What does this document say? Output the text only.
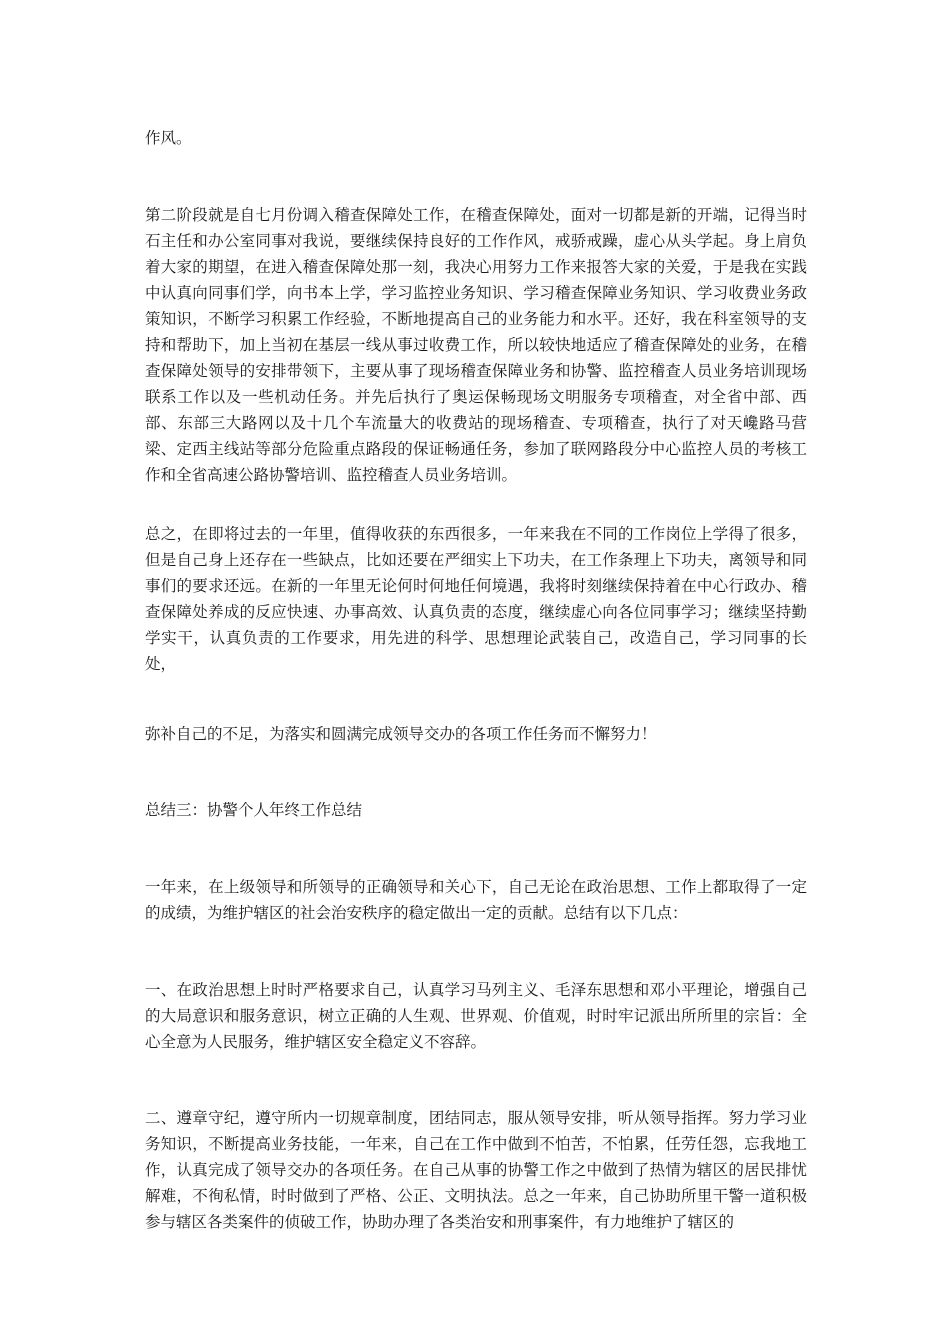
作风。

第二阶段就是自七月份调入稽查保障处工作，在稽查保障处，面对一切都是新的开端，记得当时石主任和办公室同事对我说，要继续保持良好的工作作风，戒骄戒躁，虚心从头学起。身上肩负着大家的期望，在进入稽查保障处那一刻，我决心用努力工作来报答大家的关爱，于是我在实践中认真向同事们学，向书本上学，学习监控业务知识、学习稽查保障业务知识、学习收费业务政策知识，不断学习积累工作经验，不断地提高自己的业务能力和水平。还好，我在科室领导的支持和帮助下，加上当初在基层一线从事过收费工作，所以较快地适应了稽查保障处的业务，在稽查保障处领导的安排带领下，主要从事了现场稽查保障业务和协警、监控稽查人员业务培训现场联系工作以及一些机动任务。并先后执行了奥运保畅现场文明服务专项稽查，对全省中部、西部、东部三大路网以及十几个车流量大的收费站的现场稽查、专项稽查，执行了对天巉路马营梁、定西主线站等部分危险重点路段的保证畅通任务，参加了联网路段分中心监控人员的考核工作和全省高速公路协警培训、监控稽查人员业务培训。

总之，在即将过去的一年里，值得收获的东西很多，一年来我在不同的工作岗位上学得了很多，但是自己身上还存在一些缺点，比如还要在严细实上下功夫，在工作条理上下功夫，离领导和同事们的要求还远。在新的一年里无论何时何地任何境遇，我将时刻继续保持着在中心行政办、稽查保障处养成的反应快速、办事高效、认真负责的态度，继续虚心向各位同事学习；继续坚持勤学实干，认真负责的工作要求，用先进的科学、思想理论武装自己，改造自己，学习同事的长处，

弥补自己的不足，为落实和圆满完成领导交办的各项工作任务而不懈努力！

总结三：协警个人年终工作总结

一年来，在上级领导和所领导的正确领导和关心下，自己无论在政治思想、工作上都取得了一定的成绩，为维护辖区的社会治安秩序的稳定做出一定的贡献。总结有以下几点：

一、在政治思想上时时严格要求自己，认真学习马列主义、毛泽东思想和邓小平理论，增强自己的大局意识和服务意识，树立正确的人生观、世界观、价值观，时时牢记派出所所里的宗旨：全心全意为人民服务，维护辖区安全稳定义不容辞。

二、遵章守纪，遵守所内一切规章制度，团结同志，服从领导安排，听从领导指挥。努力学习业务知识，不断提高业务技能，一年来，自己在工作中做到不怕苦，不怕累，任劳任怨，忘我地工作，认真完成了领导交办的各项任务。在自己从事的协警工作之中做到了热情为辖区的居民排忧解难，不徇私情，时时做到了严格、公正、文明执法。总之一年来，自己协助所里干警一道积极参与辖区各类案件的侦破工作，协助办理了各类治安和刑事案件，有力地维护了辖区的
